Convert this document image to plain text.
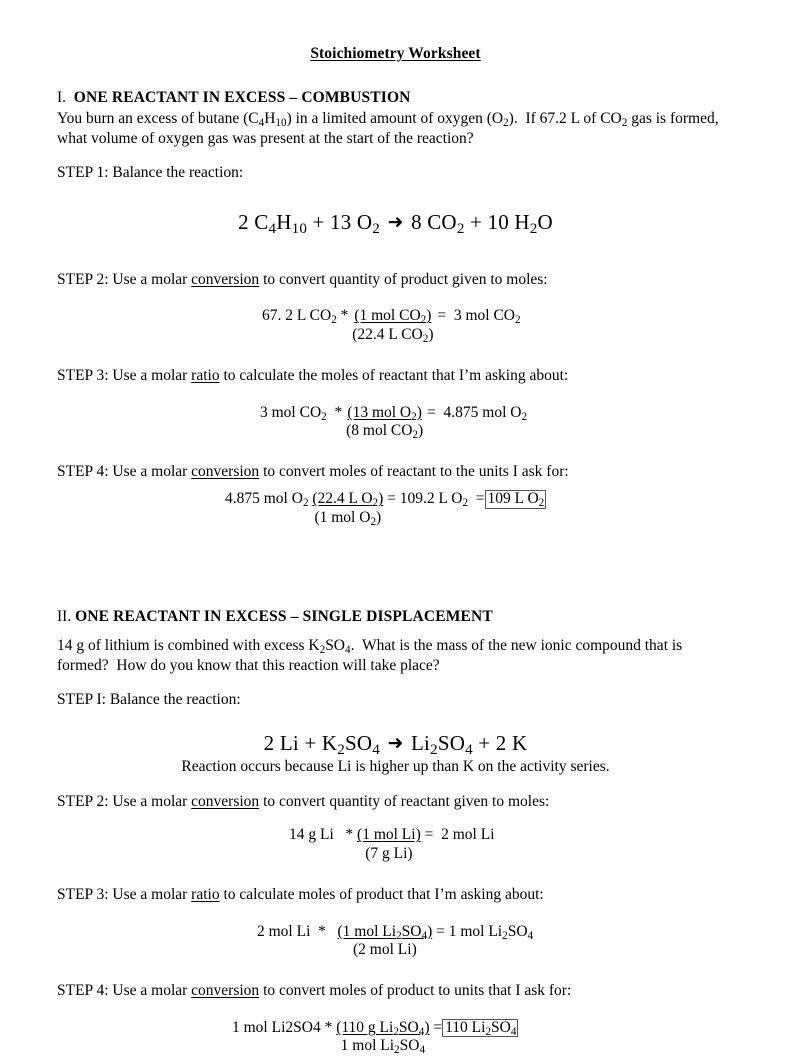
Stoichiometry Worksheet
I. ONE REACTANT IN EXCESS – COMBUSTION
You burn an excess of butane $(C_4H_{10})$ in a limited amount of oxygen $(O_2)$.  If 67.2 L of $CO_2$ gas is formed,
what volume of oxygen gas was present at the start of the reaction?
STEP 1: Balance the reaction:
2 $C_4H_{10} + 13$ $O_2$ ➜ 8 $CO_2 + 10$ $H_2O$
STEP 2: Use a molar conversion to convert quantity of product given to moles:
67. 2 L $CO_2$ *
$\frac{(1 mol CO_2)}{(22.4 L CO_2)} = 3$ mol $CO_2$
STEP 3: Use a molar ratio to calculate the moles of reactant that I’m asking about:
3 mol $CO_2$  *
$\frac{(13 mol O_2)}{(8 mol CO_2)} = 4.875$ mol $O_2$
STEP 4: Use a molar conversion to convert moles of reactant to the units I ask for:
4.875 mol $O_2$
$\frac{(22.4 L O_2)}{(1 mol O_2)} = 109.2$ L $O_2 = 109$ L $O_2$
II. ONE REACTANT IN EXCESS – SINGLE DISPLACEMENT
14 g of lithium is combined with excess $K_2SO_4$.  What is the mass of the new ionic compound that is
formed?  How do you know that this reaction will take place?
STEP I: Balance the reaction:
2 $Li + K_2SO_4$ ➜ $Li_2SO_4 + 2$ K
Reaction occurs because Li is higher up than K on the activity series.
STEP 2: Use a molar conversion to convert quantity of reactant given to moles:
14 g Li   *
$\frac{\text{(1 mol Li)}}{\text{(7 g Li)}} = 2$ mol Li
STEP 3: Use a molar ratio to calculate moles of product that I’m asking about:
2 mol Li  *
$\frac{(1 mol Li_2SO_4)}{\text{(2 mol Li)}} = 1$ mol $Li_2SO_4$
STEP 4: Use a molar conversion to convert moles of product to units that I ask for:
1 mol Li2SO4 *
$\frac{(110 g Li_2SO_4)}{1 mol Li_2SO_4} = 110$ $Li_2SO_4$
